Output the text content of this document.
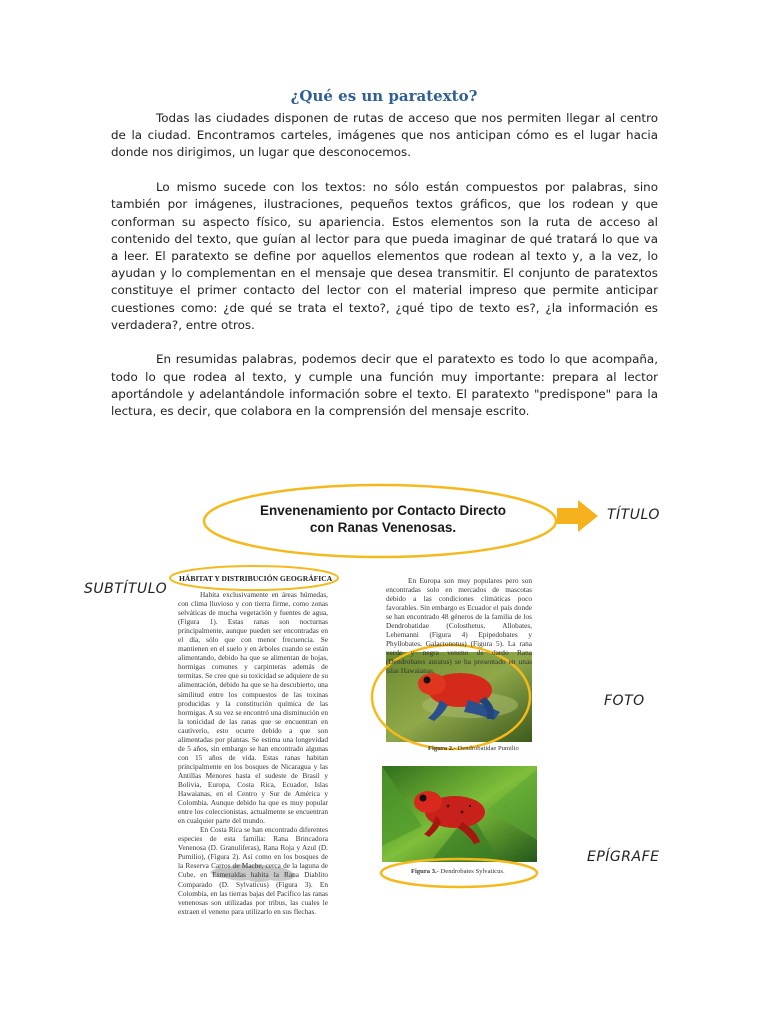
¿Qué es un paratexto?

Todas las ciudades disponen de rutas de acceso que nos permiten llegar al centro de la ciudad. Encontramos carteles, imágenes que nos anticipan cómo es el lugar hacia donde nos dirigimos, un lugar que desconocemos.

Lo mismo sucede con los textos: no sólo están compuestos por palabras, sino también por imágenes, ilustraciones, pequeños textos gráficos, que los rodean y que conforman su aspecto físico, su apariencia. Estos elementos son la ruta de acceso al contenido del texto, que guían al lector para que pueda imaginar de qué tratará lo que va a leer. El paratexto se define por aquellos elementos que rodean al texto y, a la vez, lo ayudan y lo complementan en el mensaje que desea transmitir. El conjunto de paratextos constituye el primer contacto del lector con el material impreso que permite anticipar cuestiones como: ¿de qué se trata el texto?, ¿qué tipo de texto es?, ¿la información es verdadera?, entre otros.

En resumidas palabras, podemos decir que el paratexto es todo lo que acompaña, todo lo que rodea al texto, y cumple una función muy importante: prepara al lector aportándole y adelantándole información sobre el texto. El paratexto "predispone" para la lectura, es decir, que colabora en la comprensión del mensaje escrito.

Envenenamiento por Contacto Directo
con Ranas Venenosas.
HÁBITAT Y DISTRIBUCIÓN GEOGRÁFICA

Habita exclusivamente en áreas húmedas, con clima lluvioso y con tierra firme, como zonas selváticas de mucha vegetación y fuentes de agua, (Figura 1). Estas ranas son nocturnas principalmente, aunque pueden ser encontradas en el día, sólo que con menor frecuencia. Se mantienen en el suelo y en árboles cuando se están alimentando, debido ha que se alimentan de hojas, hormigas comunes y carpinteras además de termitas. Se cree que su toxicidad se adquiere de su alimentación, debido ha que se ha descubierto, una similitud entre los compuestos de las toxinas producidas y la constitución química de las hormigas. A su vez se encontró una disminución en la tonicidad de las ranas que se encuentran en cautiverio, esto ocurre debido a que son alimentadas por plantas. Se estima una longevidad de 5 años, sin embargo se han encontrado algunas con 15 años de vida. Estas ranas habitan principalmente en los bosques de Nicaragua y las Antillas Menores hasta el sudeste de Brasil y Bolivia, Europa, Costa Rica, Ecuador, Islas Hawaianas, en el Centro y Sur de América y Colombia. Aunque debido ha que es muy popular entre los coleccionistas, actualmente se encuentran en cualquier parte del mundo.

En Costa Rica se han encontrado diferentes especies de esta familia: Rana Brincadora Venenosa (D. Granuliferas), Rana Roja y Azul (D. Pumilio), (Figura 2). Así como en los bosques de la Reserva Carros de Mache, cerca de la laguna de Cube, en Esmeraldas habita la Rana Diablito Comparado (D. Sylvaticus) (Figura 3). En Colombia, en las tierras bajas del Pacífico las ranas venenosas son utilizadas por tribus, las cuales le extraen el veneno para utilizarlo en sus flechas.

En Europa son muy populares pero son encontradas solo en mercados de mascotas debido a las condiciones climáticas poco favorables. Sin embargo es Ecuador el país donde se han encontrado 48 géneros de la familia de los Dendrobatidae (Colosthetus, Allobates, Lehemanni (Figura 4) Epipedobates y Phyllobates, Galactonotus) (Figura 5). La rana verde y negra veneno de dardo Rana (Dendrobates auratus) se ha presentado en unas islas Hawaianas.

Figura 2.- Dendrobatidae Pumilio
Figura 3.- Dendrobates Sylvaticus.
TÍTULO
SUBTÍTULO
FOTO
EPÍGRAFE
